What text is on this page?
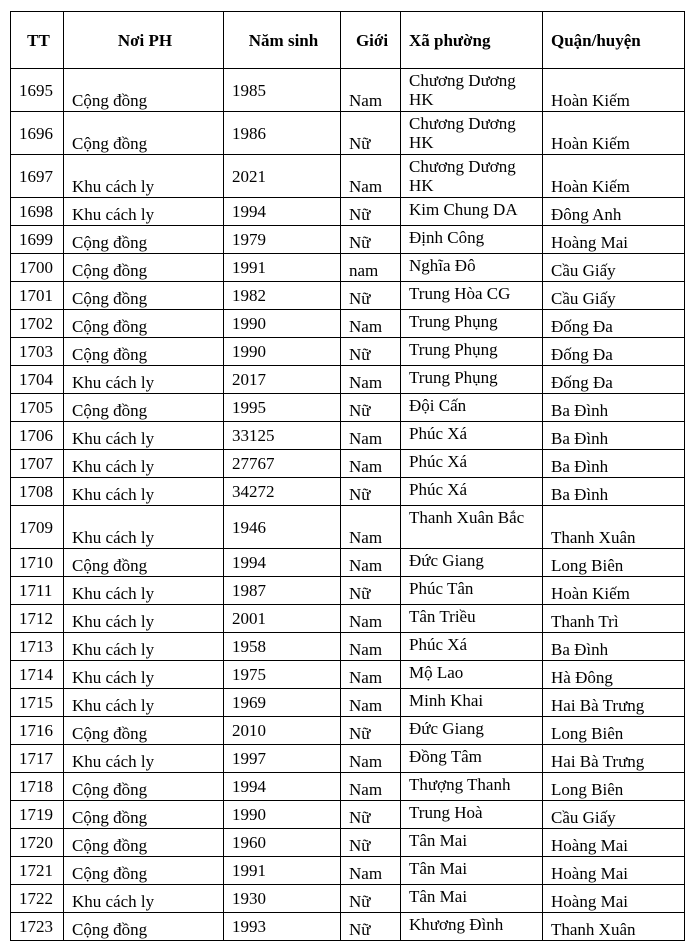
TT	Nơi PH	Năm sinh	Giới	Xã phường	Quận/huyện
1695	Cộng đồng	1985	Nam	Chương Dương HK	Hoàn Kiếm
1696	Cộng đồng	1986	Nữ	Chương Dương HK	Hoàn Kiếm
1697	Khu cách ly	2021	Nam	Chương Dương HK	Hoàn Kiếm
1698	Khu cách ly	1994	Nữ	Kim Chung DA	Đông Anh
1699	Cộng đồng	1979	Nữ	Định Công	Hoàng Mai
1700	Cộng đồng	1991	nam	Nghĩa Đô	Cầu Giấy
1701	Cộng đồng	1982	Nữ	Trung Hòa CG	Cầu Giấy
1702	Cộng đồng	1990	Nam	Trung Phụng	Đống Đa
1703	Cộng đồng	1990	Nữ	Trung Phụng	Đống Đa
1704	Khu cách ly	2017	Nam	Trung Phụng	Đống Đa
1705	Cộng đồng	1995	Nữ	Đội Cấn	Ba Đình
1706	Khu cách ly	33125	Nam	Phúc Xá	Ba Đình
1707	Khu cách ly	27767	Nam	Phúc Xá	Ba Đình
1708	Khu cách ly	34272	Nữ	Phúc Xá	Ba Đình
1709	Khu cách ly	1946	Nam	Thanh Xuân Bắc	Thanh Xuân
1710	Cộng đồng	1994	Nam	Đức Giang	Long Biên
1711	Khu cách ly	1987	Nữ	Phúc Tân	Hoàn Kiếm
1712	Khu cách ly	2001	Nam	Tân Triều	Thanh Trì
1713	Khu cách ly	1958	Nam	Phúc Xá	Ba Đình
1714	Khu cách ly	1975	Nam	Mộ Lao	Hà Đông
1715	Khu cách ly	1969	Nam	Minh Khai	Hai Bà Trưng
1716	Cộng đồng	2010	Nữ	Đức Giang	Long Biên
1717	Khu cách ly	1997	Nam	Đồng Tâm	Hai Bà Trưng
1718	Cộng đồng	1994	Nam	Thượng Thanh	Long Biên
1719	Cộng đồng	1990	Nữ	Trung Hoà	Cầu Giấy
1720	Cộng đồng	1960	Nữ	Tân Mai	Hoàng Mai
1721	Cộng đồng	1991	Nam	Tân Mai	Hoàng Mai
1722	Khu cách ly	1930	Nữ	Tân Mai	Hoàng Mai
1723	Cộng đồng	1993	Nữ	Khương Đình	Thanh Xuân
